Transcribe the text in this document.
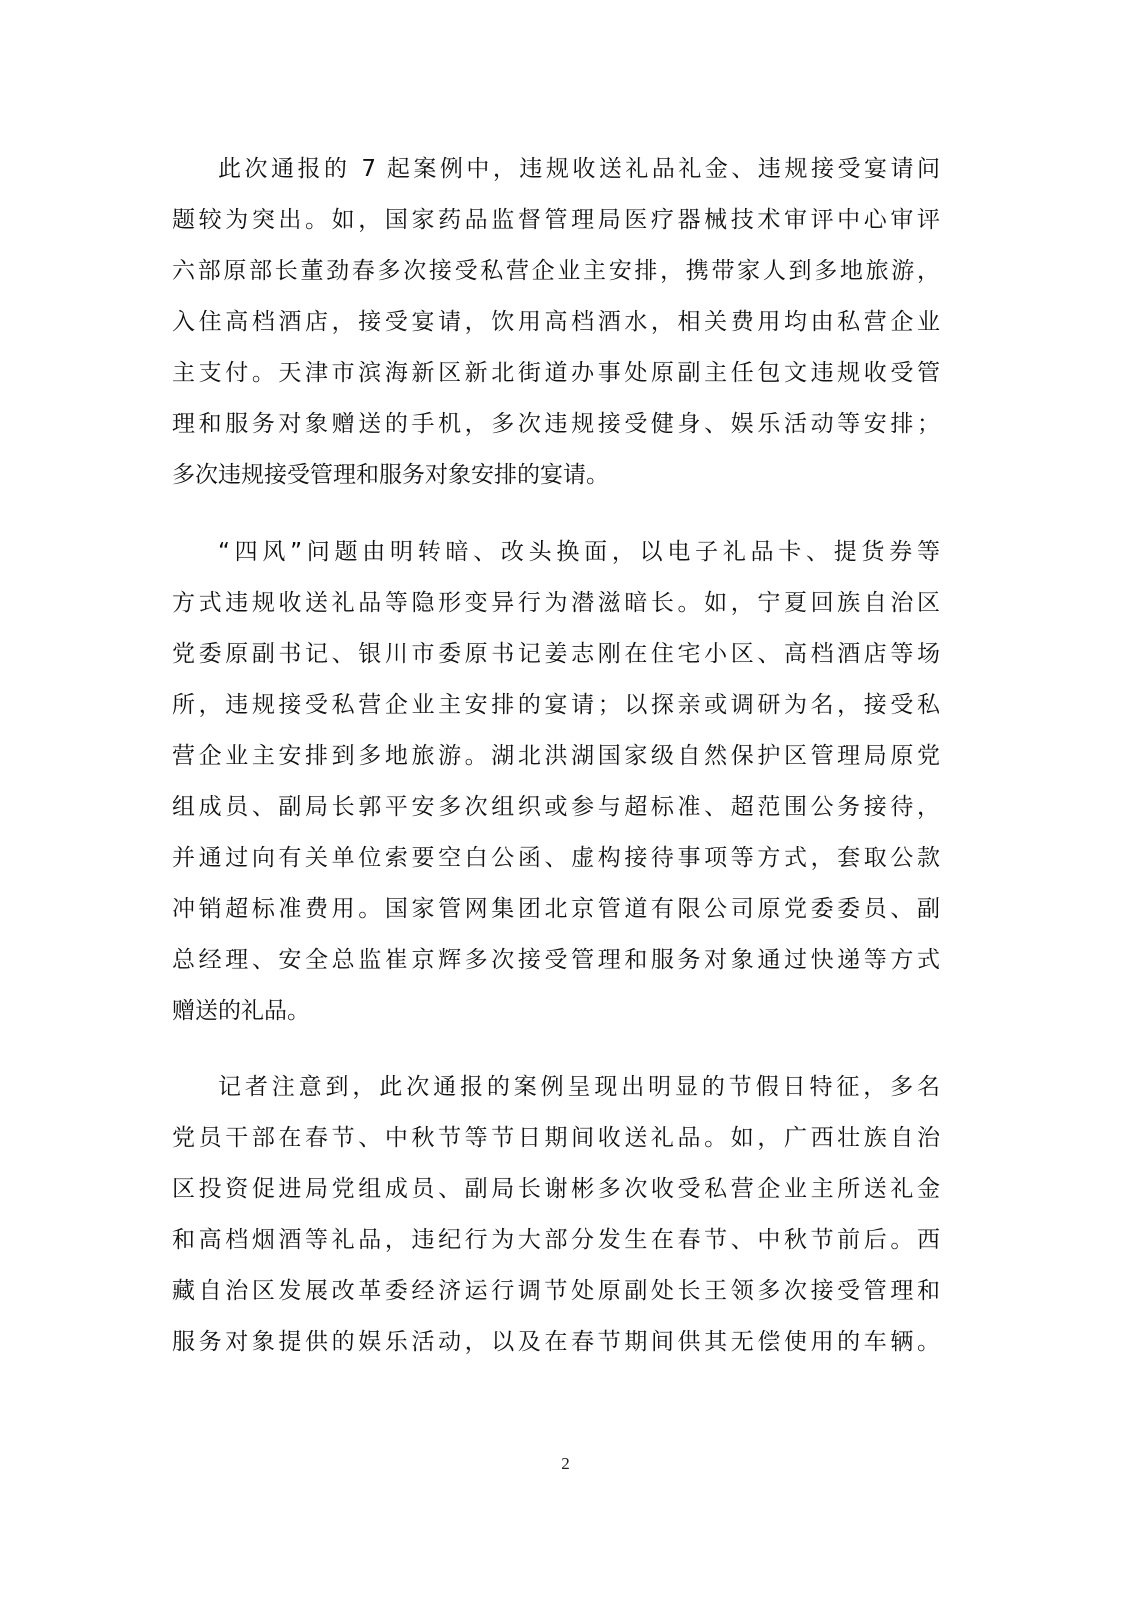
此次通报的 7 起案例中，违规收送礼品礼金、违规接受宴请问
题较为突出。如，国家药品监督管理局医疗器械技术审评中心审评
六部原部长董劲春多次接受私营企业主安排，携带家人到多地旅游，
入住高档酒店，接受宴请，饮用高档酒水，相关费用均由私营企业
主支付。天津市滨海新区新北街道办事处原副主任包文违规收受管
理和服务对象赠送的手机，多次违规接受健身、娱乐活动等安排；
多次违规接受管理和服务对象安排的宴请。
“四风”问题由明转暗、改头换面，以电子礼品卡、提货券等
方式违规收送礼品等隐形变异行为潜滋暗长。如，宁夏回族自治区
党委原副书记、银川市委原书记姜志刚在住宅小区、高档酒店等场
所，违规接受私营企业主安排的宴请；以探亲或调研为名，接受私
营企业主安排到多地旅游。湖北洪湖国家级自然保护区管理局原党
组成员、副局长郭平安多次组织或参与超标准、超范围公务接待，
并通过向有关单位索要空白公函、虚构接待事项等方式，套取公款
冲销超标准费用。国家管网集团北京管道有限公司原党委委员、副
总经理、安全总监崔京辉多次接受管理和服务对象通过快递等方式
赠送的礼品。
记者注意到，此次通报的案例呈现出明显的节假日特征，多名
党员干部在春节、中秋节等节日期间收送礼品。如，广西壮族自治
区投资促进局党组成员、副局长谢彬多次收受私营企业主所送礼金
和高档烟酒等礼品，违纪行为大部分发生在春节、中秋节前后。西
藏自治区发展改革委经济运行调节处原副处长王领多次接受管理和
服务对象提供的娱乐活动，以及在春节期间供其无偿使用的车辆。
2
